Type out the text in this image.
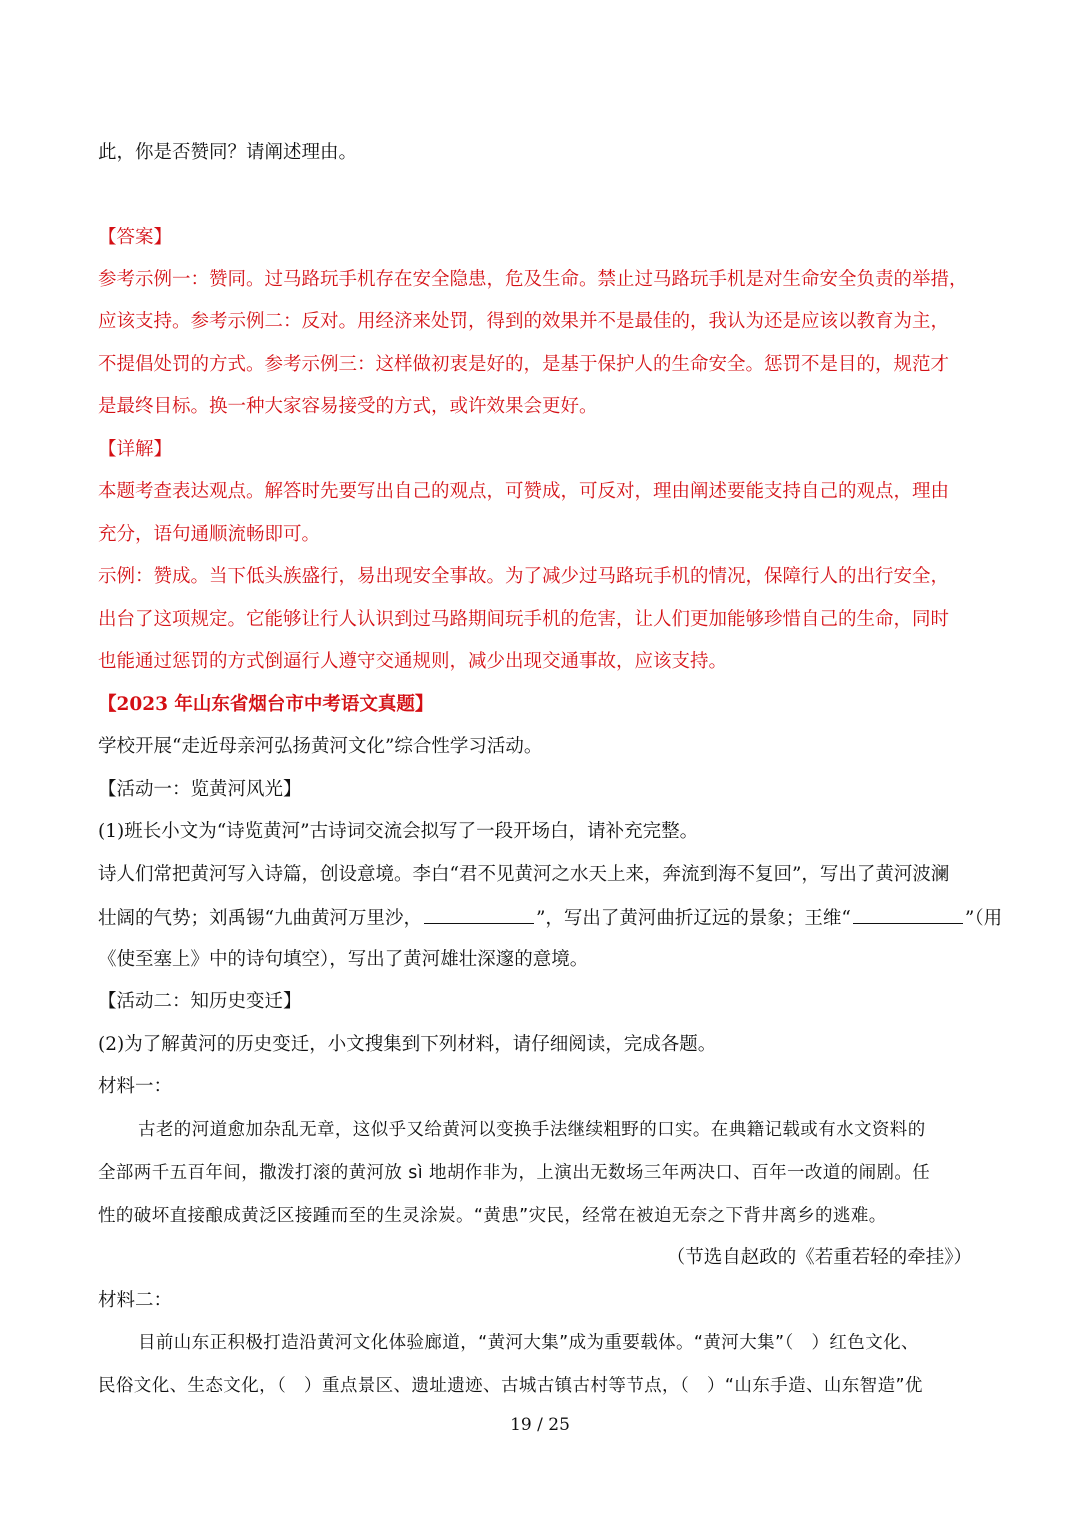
此，你是否赞同？请阐述理由。
【答案】
参考示例一：赞同。过马路玩手机存在安全隐患，危及生命。禁止过马路玩手机是对生命安全负责的举措，
应该支持。参考示例二：反对。用经济来处罚，得到的效果并不是最佳的，我认为还是应该以教育为主，
不提倡处罚的方式。参考示例三：这样做初衷是好的，是基于保护人的生命安全。惩罚不是目的，规范才
是最终目标。换一种大家容易接受的方式，或许效果会更好。
【详解】
本题考查表达观点。解答时先要写出自己的观点，可赞成，可反对，理由阐述要能支持自己的观点，理由
充分，语句通顺流畅即可。
示例：赞成。当下低头族盛行，易出现安全事故。为了减少过马路玩手机的情况，保障行人的出行安全，
出台了这项规定。它能够让行人认识到过马路期间玩手机的危害，让人们更加能够珍惜自己的生命，同时
也能通过惩罚的方式倒逼行人遵守交通规则，减少出现交通事故，应该支持。
【2023 年山东省烟台市中考语文真题】
学校开展“走近母亲河弘扬黄河文化”综合性学习活动。
【活动一：览黄河风光】
(1)班长小文为“诗览黄河”古诗词交流会拟写了一段开场白，请补充完整。
诗人们常把黄河写入诗篇，创设意境。李白“君不见黄河之水天上来，奔流到海不复回”，写出了黄河波澜
壮阔的气势；刘禹锡“九曲黄河万里沙，	”，写出了黄河曲折辽远的景象；王维“	”（用
《使至塞上》中的诗句填空），写出了黄河雄壮深邃的意境。
【活动二：知历史变迁】
(2)为了解黄河的历史变迁，小文搜集到下列材料，请仔细阅读，完成各题。
材料一：
古老的河道愈加杂乱无章，这似乎又给黄河以变换手法继续粗野的口实。在典籍记载或有水文资料的
全部两千五百年间，撒泼打滚的黄河放 sì 地胡作非为，上演出无数场三年两决口、百年一改道的闹剧。任
性的破坏直接酿成黄泛区接踵而至的生灵涂炭。“黄患”灾民，经常在被迫无奈之下背井离乡的逃难。
（节选自赵政的《若重若轻的牵挂》）
材料二：
目前山东正积极打造沿黄河文化体验廊道，“黄河大集”成为重要载体。“黄河大集”（　）红色文化、
民俗文化、生态文化，（　）重点景区、遗址遗迹、古城古镇古村等节点，（　）“山东手造、山东智造”优
19 / 25
